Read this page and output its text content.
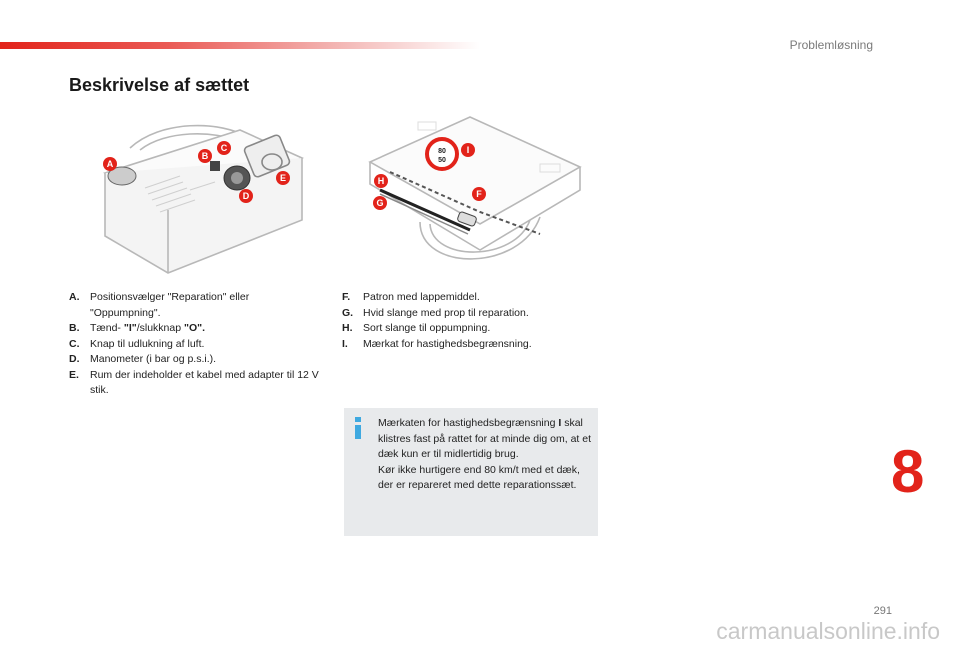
Problemløsning
Beskrivelse af sættet
A
B
C
D
E
80
50
I
H
F
G
A. Positionsvælger "Reparation" eller "Oppumpning".
B. Tænd- "I"/slukknap "O".
C. Knap til udlukning af luft.
D. Manometer (i bar og p.s.i.).
E. Rum der indeholder et kabel med adapter til 12 V stik.
F. Patron med lappemiddel.
G. Hvid slange med prop til reparation.
H. Sort slange til oppumpning.
I. Mærkat for hastighedsbegrænsning.
Mærkaten for hastighedsbegrænsning I skal klistres fast på rattet for at minde dig om, at et dæk kun er til midlertidig brug.
Kør ikke hurtigere end 80 km/t med et dæk, der er repareret med dette reparationssæt.	8
291
carmanualsonline.info
